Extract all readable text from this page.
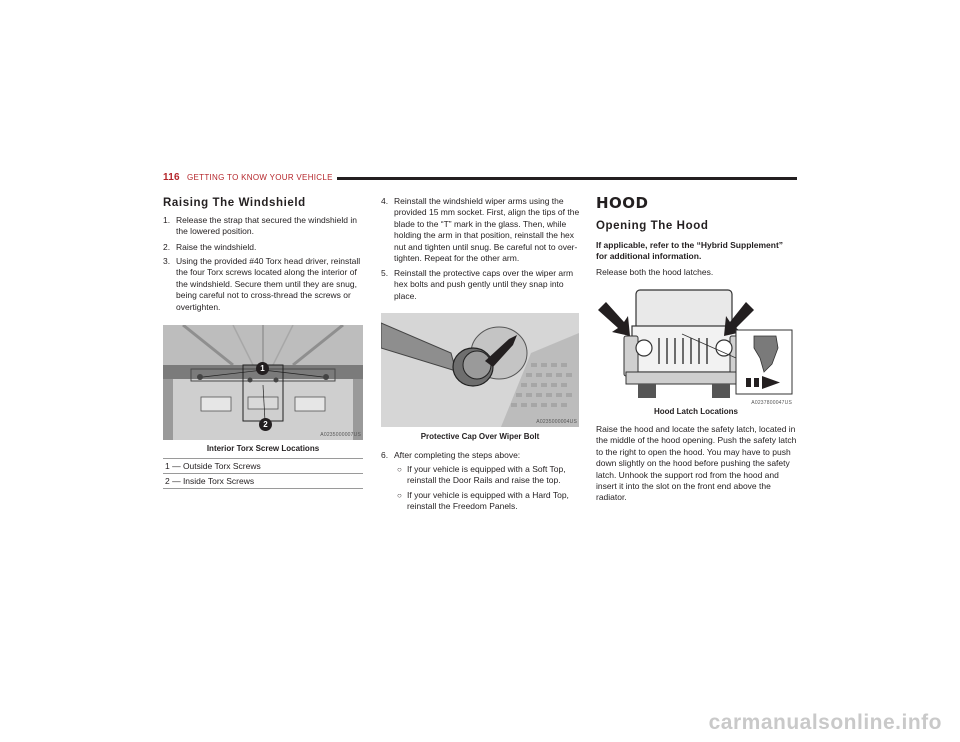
116 GETTING TO KNOW YOUR VEHICLE
Raising The Windshield
1. Release the strap that secured the windshield in the lowered position.
2. Raise the windshield.
3. Using the provided #40 Torx head driver, reinstall the four Torx screws located along the interior of the windshield. Secure them until they are snug, being careful not to cross-thread the screws or overtighten.
1
2
A0235000007US
Interior Torx Screw Locations
1 — Outside Torx Screws
2 — Inside Torx Screws
4. Reinstall the windshield wiper arms using the provided 15 mm socket. First, align the tips of the blade to the “T” mark in the glass. Then, while holding the arm in that position, reinstall the hex nut and tighten until snug. Be careful not to over-tighten. Repeat for the other arm.
5. Reinstall the protective caps over the wiper arm hex bolts and push gently until they snap into place.
A0235000004US
Protective Cap Over Wiper Bolt
6. After completing the steps above:
○ If your vehicle is equipped with a Soft Top, reinstall the Door Rails and raise the top.
○ If your vehicle is equipped with a Hard Top, reinstall the Freedom Panels.
HOOD
Opening The Hood
If applicable, refer to the “Hybrid Supplement” for additional information.
Release both the hood latches.
A0237800047US
Hood Latch Locations
Raise the hood and locate the safety latch, located in the middle of the hood opening. Push the safety latch to the right to open the hood. You may have to push down slightly on the hood before pushing the safety latch. Unhook the support rod from the hood and insert it into the slot on the front end above the radiator.
carmanualsonline.info
